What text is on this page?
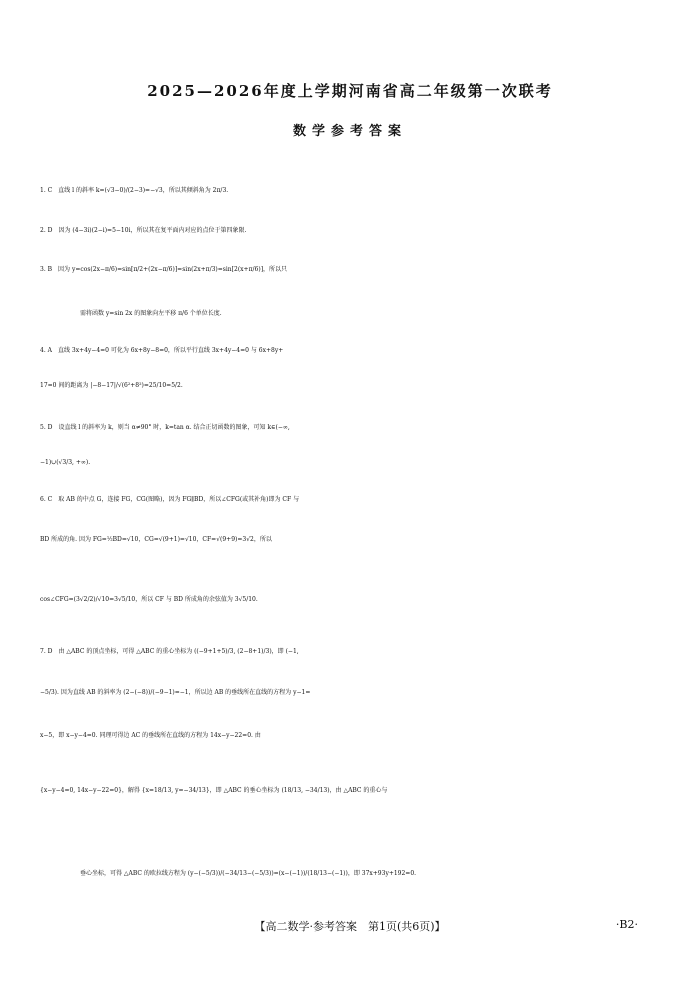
2025—2026年度上学期河南省高二年级第一次联考
数学参考答案
1. C　直线 l 的斜率 k=(√3−0)/(2−3)=−√3，所以其倾斜角为 2π/3.
2. D　因为 (4−3i)(2−i)=5−10i，所以其在复平面内对应的点位于第四象限.
3. B　因为 y=cos(2x−π/6)=sin[π/2+(2x−π/6)]=sin(2x+π/3)=sin[2(x+π/6)]，所以只
需将函数 y=sin 2x 的图象向左平移 π/6 个单位长度.
4. A　直线 3x+4y−4=0 可化为 6x+8y−8=0，所以平行直线 3x+4y−4=0 与 6x+8y+
17=0 间的距离为 |−8−17|/√(6²+8²)=25/10=5/2.
5. D　设直线 l 的斜率为 k，则当 α≠90° 时，k=tan α. 结合正切函数的图象，可知 k∈(−∞,
−1)∪(√3/3, +∞).
6. C　取 AB 的中点 G，连接 FG，CG(图略)，因为 FG∥BD，所以∠CFG(或其补角)即为 CF 与
BD 所成的角. 因为 FG=½BD=√10，CG=√(9+1)=√10，CF=√(9+9)=3√2，所以
cos∠CFG=(3√2/2)/√10=3√5/10，所以 CF 与 BD 所成角的余弦值为 3√5/10.
7. D　由 △ABC 的顶点坐标，可得 △ABC 的重心坐标为 ((−9+1+5)/3, (2−8+1)/3)，即 (−1,
−5/3). 因为直线 AB 的斜率为 (2−(−8))/(−9−1)=−1，所以边 AB 的垂线所在直线的方程为 y−1=
x−5，即 x−y−4=0. 同理可得边 AC 的垂线所在直线的方程为 14x−y−22=0. 由
{x−y−4=0, 14x−y−22=0}，解得 {x=18/13, y=−34/13}，即 △ABC 的垂心坐标为 (18/13, −34/13)，由 △ABC 的重心与
垂心坐标，可得 △ABC 的欧拉线方程为 (y−(−5/3))/(−34/13−(−5/3))=(x−(−1))/(18/13−(−1))，即 37x+93y+192=0.
【高二数学·参考答案　第1页(共6页)】	·B2·
